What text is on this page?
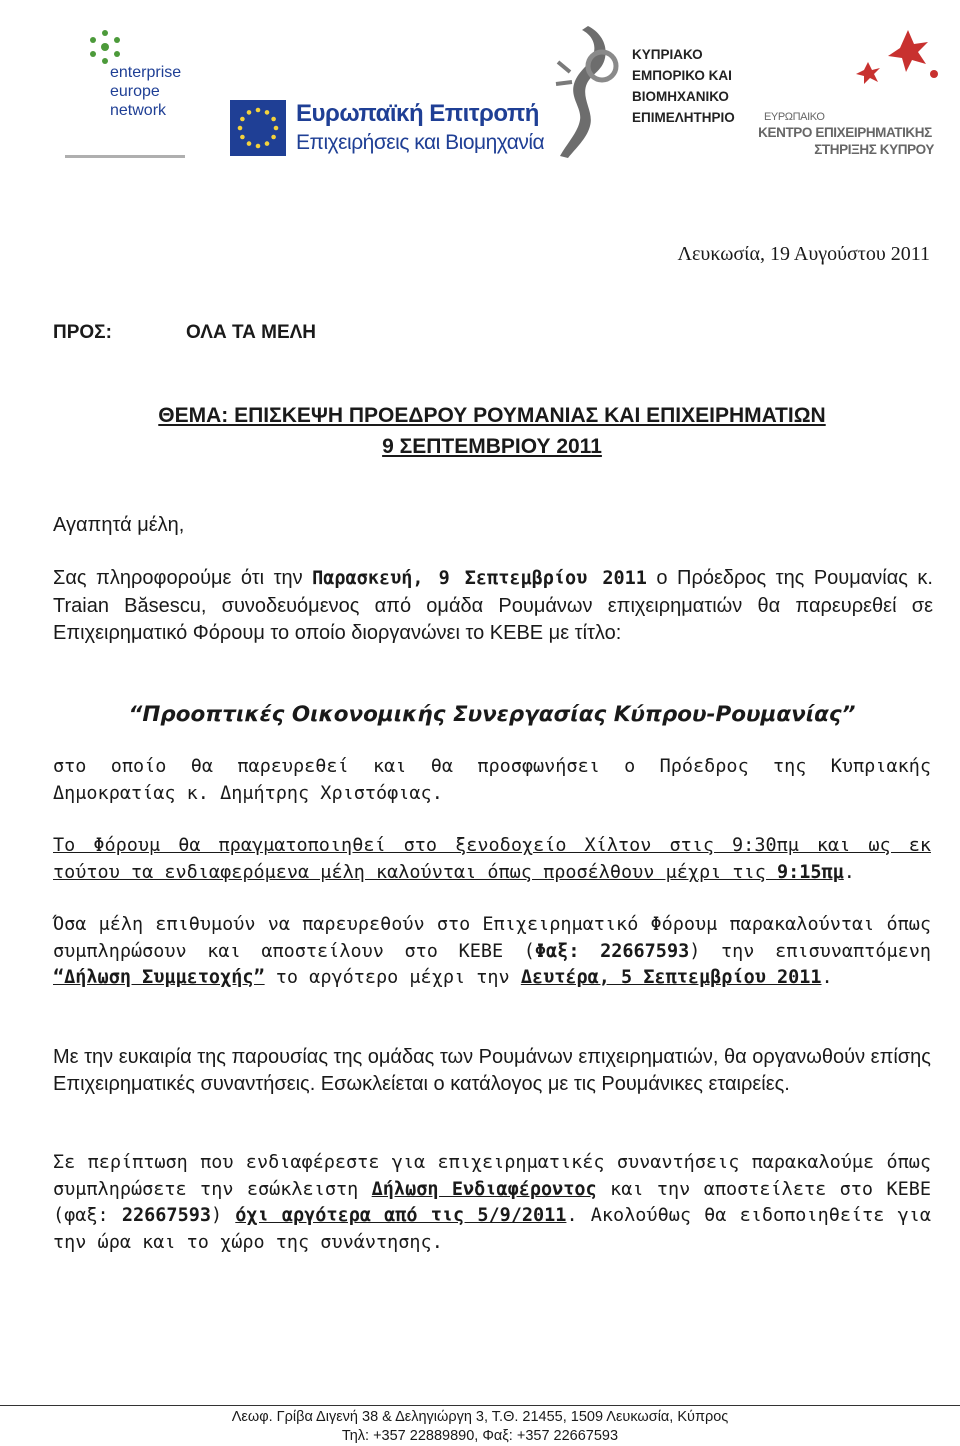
enterprise
europe
network	Ευρωπαϊκή Επιτροπή
Επιχειρήσεις και Βιομηχανία
ΚΥΠΡΙΑΚΟ
ΕΜΠΟΡΙΚΟ ΚΑΙ
ΒΙΟΜΗΧΑΝΙΚΟ
ΕΠΙΜΕΛΗΤΗΡΙΟ	ΕΥΡΩΠΑΙΚΟ
ΚΕΝΤΡΟ ΕΠΙΧΕΙΡΗΜΑΤΙΚΗΣ
ΣΤΗΡΙΞΗΣ ΚΥΠΡΟΥ
Λευκωσία, 19 Αυγούστου 2011
ΠΡΟΣ:	ΟΛΑ ΤΑ ΜΕΛΗ
ΘΕΜΑ: ΕΠΙΣΚΕΨΗ ΠΡΟΕΔΡΟΥ ΡΟΥΜΑΝΙΑΣ ΚΑΙ ΕΠΙΧΕΙΡΗΜΑΤΙΩΝ
9 ΣΕΠΤΕΜΒΡΙΟΥ 2011
Αγαπητά μέλη,
Σας πληροφορούμε ότι την Παρασκευή, 9 Σεπτεμβρίου 2011 ο Πρόεδρος της Ρουμανίας κ. Traian Băsescu, συνοδευόμενος από ομάδα Ρουμάνων επιχειρηματιών θα παρευρεθεί σε Επιχειρηματικό Φόρουμ το οποίο διοργανώνει το ΚΕΒΕ με τίτλο:
“Προοπτικές Οικονομικής Συνεργασίας Κύπρου-Ρουμανίας”
στο οποίο θα παρευρεθεί και θα προσφωνήσει ο Πρόεδρος της Κυπριακής Δημοκρατίας κ. Δημήτρης Χριστόφιας.
Το Φόρουμ θα πραγματοποιηθεί στο ξενοδοχείο Χίλτον στις 9:30πμ και ως εκ τούτου τα ενδιαφερόμενα μέλη καλούνται όπως προσέλθουν μέχρι τις 9:15πμ.
Όσα μέλη επιθυμούν να παρευρεθούν στο Επιχειρηματικό Φόρουμ παρακαλούνται όπως συμπληρώσουν και αποστείλουν στο ΚΕΒΕ (Φαξ: 22667593) την επισυναπτόμενη “Δήλωση Συμμετοχής” το αργότερο μέχρι την Δευτέρα, 5 Σεπτεμβρίου 2011.
Με την ευκαιρία της παρουσίας της ομάδας των Ρουμάνων επιχειρηματιών, θα οργανωθούν επίσης Επιχειρηματικές συναντήσεις. Εσωκλείεται ο κατάλογος με τις Ρουμάνικες εταιρείες.
Σε περίπτωση που ενδιαφέρεστε για επιχειρηματικές συναντήσεις παρακαλούμε όπως συμπληρώσετε την εσώκλειστη Δήλωση Ενδιαφέροντος και την αποστείλετε στο ΚΕΒΕ (φαξ: 22667593) όχι αργότερα από τις 5/9/2011. Ακολούθως θα ειδοποιηθείτε για την ώρα και το χώρο της συνάντησης.
Λεωφ. Γρίβα Διγενή 38 & Δεληγιώργη 3, Τ.Θ. 21455, 1509 Λευκωσία, Κύπρος
Τηλ: +357 22889890, Φαξ: +357 22667593
